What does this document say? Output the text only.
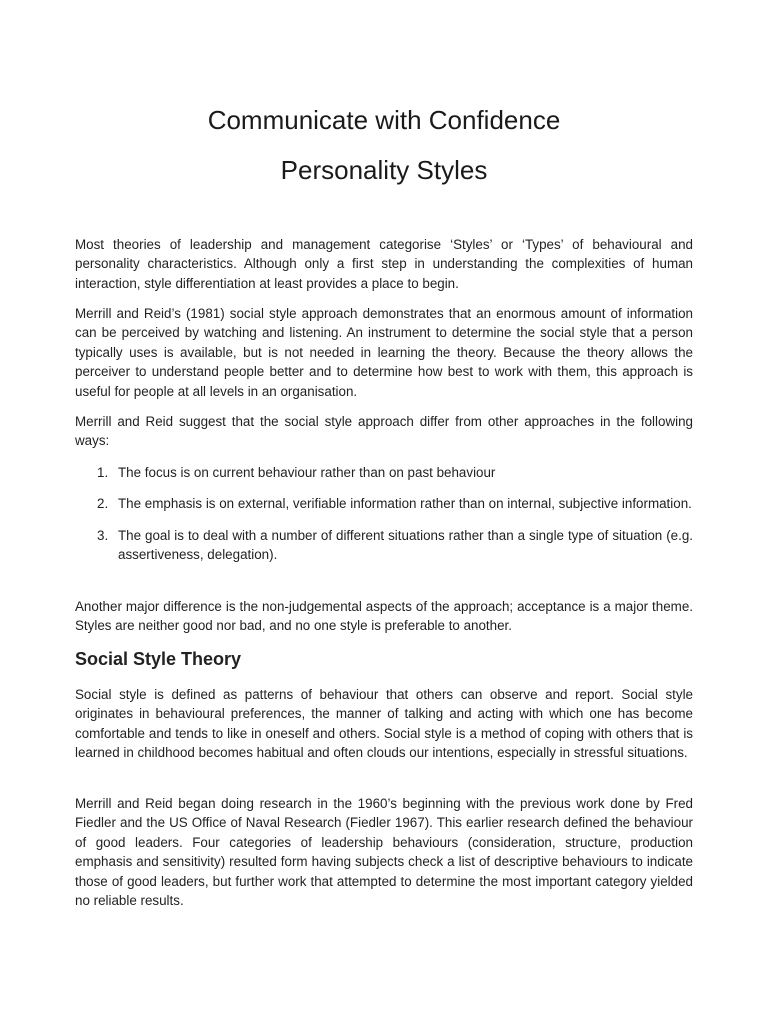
Communicate with Confidence
Personality Styles

Most theories of leadership and management categorise ‘Styles’ or ‘Types’ of behavioural and personality characteristics. Although only a first step in understanding the complexities of human interaction, style differentiation at least provides a place to begin.

Merrill and Reid’s (1981) social style approach demonstrates that an enormous amount of information can be perceived by watching and listening. An instrument to determine the social style that a person typically uses is available, but is not needed in learning the theory. Because the theory allows the perceiver to understand people better and to determine how best to work with them, this approach is useful for people at all levels in an organisation.

Merrill and Reid suggest that the social style approach differ from other approaches in the following ways:

1. The focus is on current behaviour rather than on past behaviour
2. The emphasis is on external, verifiable information rather than on internal, subjective information.
3. The goal is to deal with a number of different situations rather than a single type of situation (e.g. assertiveness, delegation).

Another major difference is the non-judgemental aspects of the approach; acceptance is a major theme. Styles are neither good nor bad, and no one style is preferable to another.

Social Style Theory

Social style is defined as patterns of behaviour that others can observe and report. Social style originates in behavioural preferences, the manner of talking and acting with which one has become comfortable and tends to like in oneself and others. Social style is a method of coping with others that is learned in childhood becomes habitual and often clouds our intentions, especially in stressful situations.

Merrill and Reid began doing research in the 1960’s beginning with the previous work done by Fred Fiedler and the US Office of Naval Research (Fiedler 1967). This earlier research defined the behaviour of good leaders. Four categories of leadership behaviours (consideration, structure, production emphasis and sensitivity) resulted form having subjects check a list of descriptive behaviours to indicate those of good leaders, but further work that attempted to determine the most important category yielded no reliable results.
